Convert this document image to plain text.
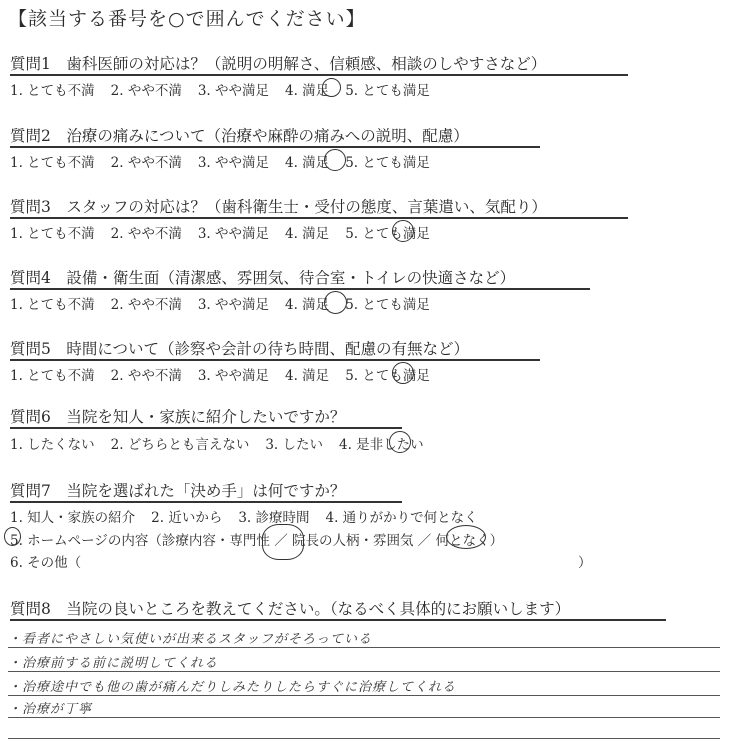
【該当する番号を○で囲んでください】
質問1　歯科医師の対応は？（説明の明解さ、信頼感、相談のしやすさなど）
1. とても不満 2. やや不満 3. やや満足 4. 満足 5. とても満足
質問2　治療の痛みについて（治療や麻酔の痛みへの説明、配慮）
1. とても不満 2. やや不満 3. やや満足 4. 満足 5. とても満足
質問3　スタッフの対応は？（歯科衛生士・受付の態度、言葉遣い、気配り）
1. とても不満 2. やや不満 3. やや満足 4. 満足 5. とても満足
質問4　設備・衛生面（清潔感、雰囲気、待合室・トイレの快適さなど）
1. とても不満 2. やや不満 3. やや満足 4. 満足 5. とても満足
質問5　時間について（診察や会計の待ち時間、配慮の有無など）
1. とても不満 2. やや不満 3. やや満足 4. 満足 5. とても満足
質問6　当院を知人・家族に紹介したいですか？
1. したくない 2. どちらとも言えない 3. したい 4. 是非したい
質問7　当院を選ばれた「決め手」は何ですか？
1. 知人・家族の紹介 2. 近いから 3. 診療時間 4. 通りがかりで何となく
5. ホームページの内容（診療内容・専門性 ／ 院長の人柄・雰囲気 ／ 何となく）
6. その他（	）
質問8　当院の良いところを教えてください。（なるべく具体的にお願いします）
・看者にやさしい気使いが出来るスタッフがそろっている
・治療前する前に説明してくれる
・治療途中でも他の歯が痛んだりしみたりしたらすぐに治療してくれる
・治療が丁寧
